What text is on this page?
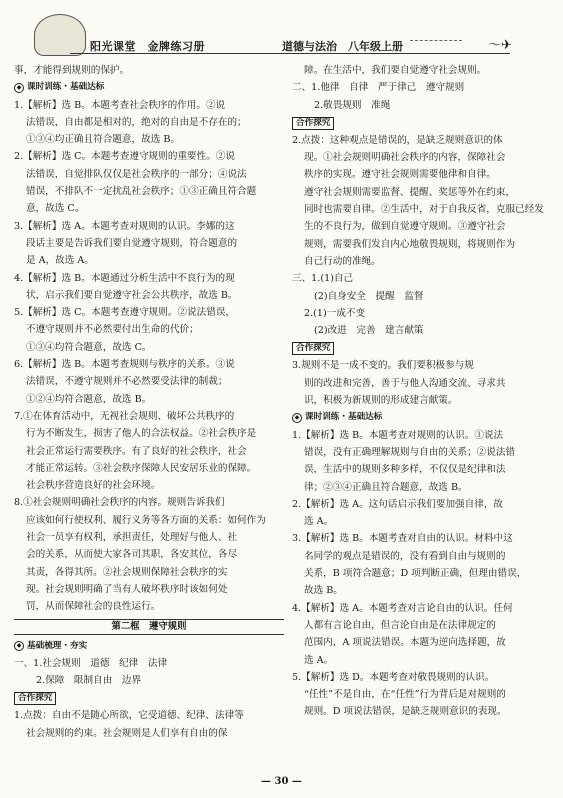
阳光课堂　金牌练习册	道德与法治　八年级上册	〜✈

事，才能得到规则的保护。

◆ 课时训练・基础达标

1.【解析】选 B。本题考查社会秩序的作用。②说

法错误，自由都是相对的，绝对的自由是不存在的；

①③④均正确且符合题意，故选 B。

2.【解析】选 C。本题考查遵守规则的重要性。②说

法错误，自觉排队仅仅是社会秩序的一部分；④说法

错误，不排队不一定扰乱社会秩序；①③正确且符合题

意，故选 C。

3.【解析】选 A。本题考查对规则的认识。李娜的这

段话主要是告诉我们要自觉遵守规则，符合题意的

是 A，故选 A。

4.【解析】选 B。本题通过分析生活中不良行为的现

状，启示我们要自觉遵守社会公共秩序，故选 B。

5.【解析】选 C。本题考查遵守规则。②说法错误，

不遵守规则并不必然要付出生命的代价；

①③④均符合题意，故选 C。

6.【解析】选 B。本题考查规则与秩序的关系。③说

法错误，不遵守规则并不必然要受法律的制裁；

①②④均符合题意，故选 B。

7.①在体育活动中，无视社会规则、破坏公共秩序的

行为不断发生，损害了他人的合法权益。②社会秩序是

社会正常运行需要秩序。有了良好的社会秩序，社会

才能正常运转。③社会秩序保障人民安居乐业的保障。

社会秩序营造良好的社会环境。

8.①社会规则明确社会秩序的内容。规则告诉我们

应该如何行使权利、履行义务等各方面的关系：如何作为

社会一员享有权利，承担责任，处理好与他人、社

会的关系，从而使大家各司其职，各安其位，各尽

其责，各得其所。②社会规则保障社会秩序的实

现。社会规则明确了当有人破坏秩序时该如何处

罚，从而保障社会的良性运行。

第二框　遵守规则

◆ 基础梳理・夯实

一、1.社会规则　道德　纪律　法律

2.保障　限制自由　边界

合作探究

1.点拨：自由不是随心所欲，它受道德、纪律、法律等

社会规则的约束。社会规则是人们享有自由的保

障。在生活中，我们要自觉遵守社会规则。

二、1.他律　自律　严于律己　遵守规则

2.敬畏规则　准绳

合作探究

2.点拨：这种观点是错误的，是缺乏规则意识的体

现。①社会规则明确社会秩序的内容，保障社会

秩序的实现。遵守社会规则需要他律和自律。

遵守社会规则需要监督、提醒、奖惩等外在约束，

同时也需要自律。②生活中，对于自我反省，克服已经发

生的不良行为，做到自觉遵守规则。③遵守社会

规则，需要我们发自内心地敬畏规则，将规则作为

自己行动的准绳。

三、1.(1)自己

(2)自身安全　提醒　监督

2.(1)一成不变

(2)改进　完善　建言献策

合作探究

3.规则不是一成不变的。我们要积极参与规

则的改进和完善，善于与他人沟通交流、寻求共

识，积极为新规则的形成建言献策。

◆ 课时训练・基础达标

1.【解析】选 B。本题考查对规则的认识。①说法

错误，没有正确理解规则与自由的关系；②说法错

误，生活中的规则多种多样，不仅仅是纪律和法

律；②③④正确且符合题意，故选 B。

2.【解析】选 A。这句话启示我们要加强自律，故

选 A。

3.【解析】选 B。本题考查对自由的认识。材料中这

名同学的观点是错误的，没有看到自由与规则的

关系，B 项符合题意；D 项判断正确，但理由错误，

故选 B。

4.【解析】选 A。本题考查对言论自由的认识。任何

人都有言论自由，但言论自由是在法律规定的

范围内，A 项说法错误。本题为逆向选择题，故

选 A。

5.【解析】选 D。本题考查对敬畏规则的认识。

“任性”不是自由，在“任性”行为背后是对规则的

规则。D 项说法错误，是缺乏规则意识的表现。

— 30 —
